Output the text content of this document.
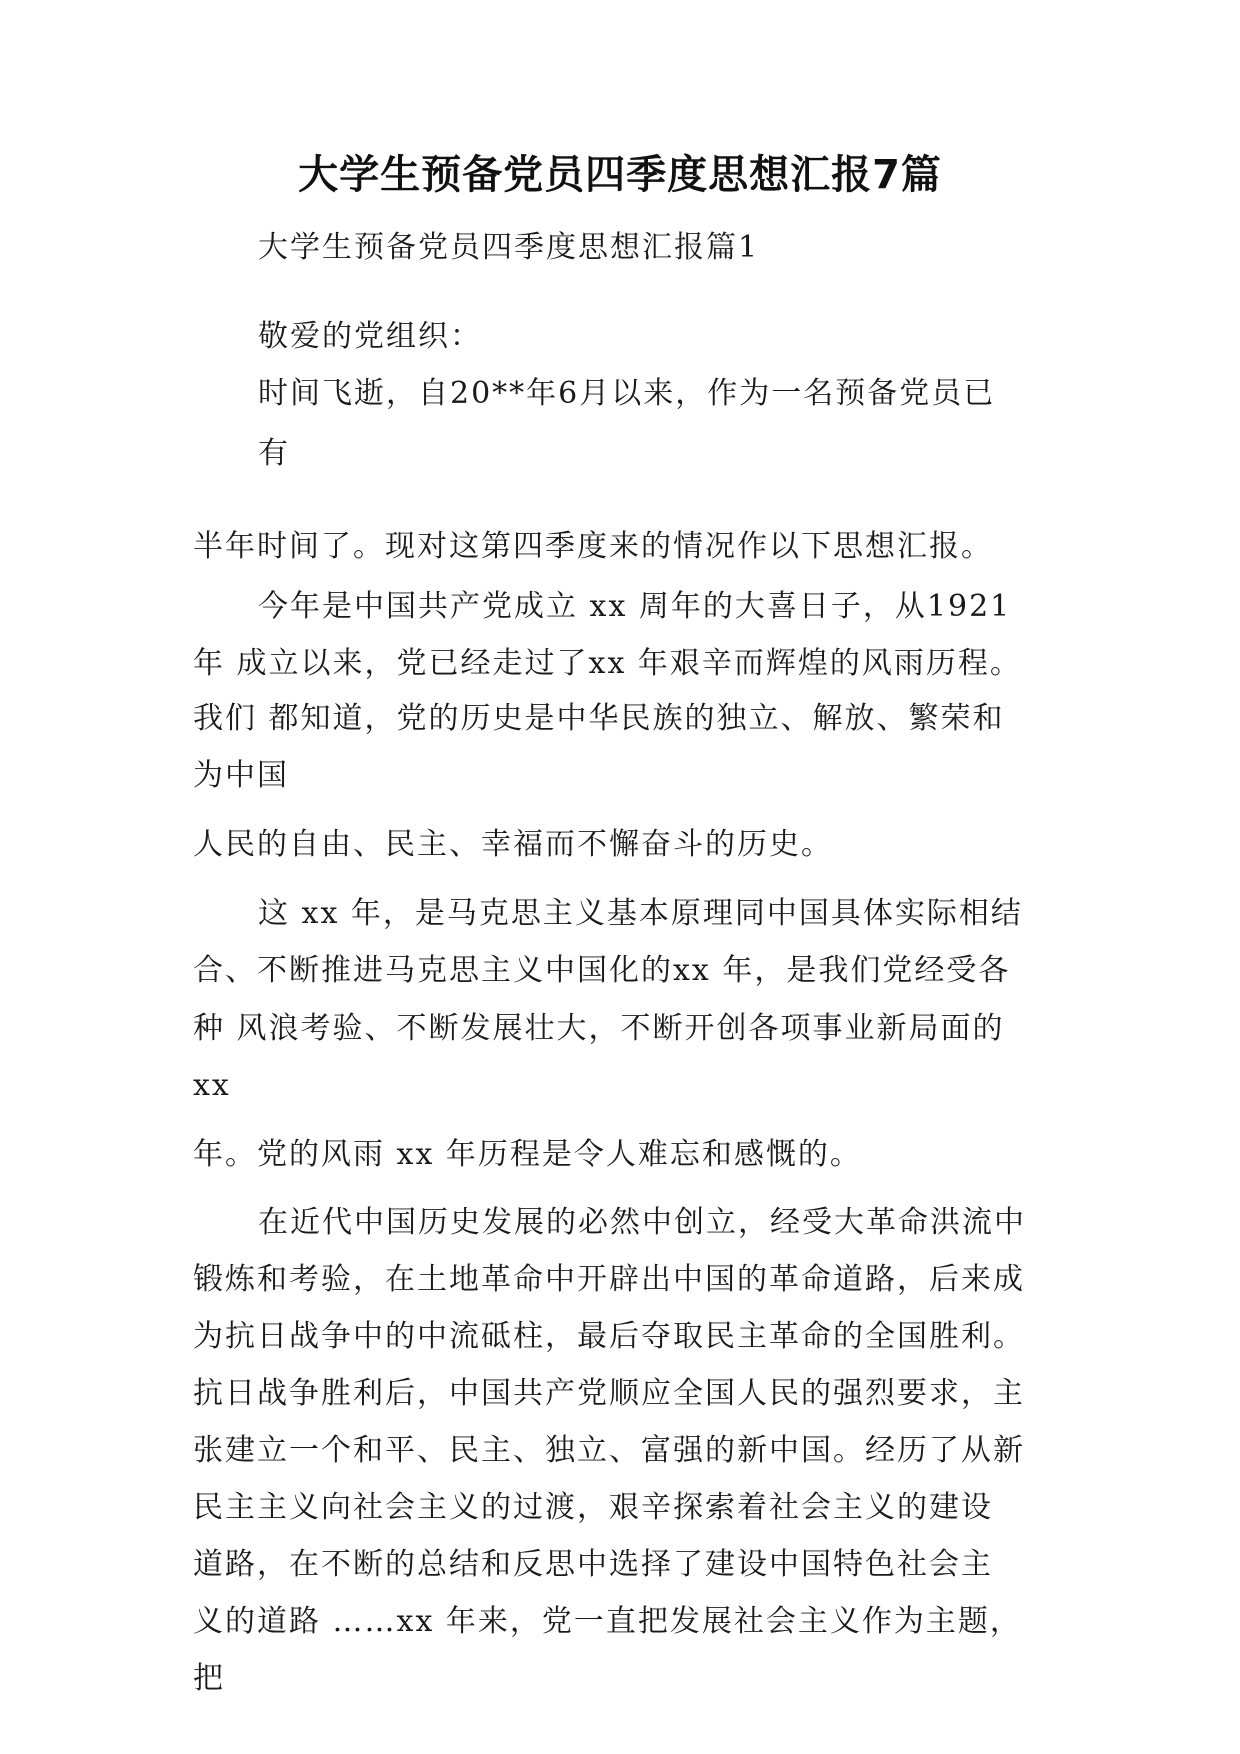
大学生预备党员四季度思想汇报7篇
大学生预备党员四季度思想汇报篇1
敬爱的党组织：
时间飞逝，自20**年6月以来，作为一名预备党员已
有
半年时间了。现对这第四季度来的情况作以下思想汇报。
今年是中国共产党成立 xx 周年的大喜日子，从1921
年 成立以来，党已经走过了xx 年艰辛而辉煌的风雨历程。
我们 都知道，党的历史是中华民族的独立、解放、繁荣和
为中国
人民的自由、民主、幸福而不懈奋斗的历史。
这 xx 年，是马克思主义基本原理同中国具体实际相结
合、不断推进马克思主义中国化的xx 年，是我们党经受各
种 风浪考验、不断发展壮大，不断开创各项事业新局面的
xx
年。党的风雨 xx 年历程是令人难忘和感慨的。
在近代中国历史发展的必然中创立，经受大革命洪流中
锻炼和考验，在土地革命中开辟出中国的革命道路，后来成
为抗日战争中的中流砥柱，最后夺取民主革命的全国胜利。
抗日战争胜利后，中国共产党顺应全国人民的强烈要求，主
张建立一个和平、民主、独立、富强的新中国。经历了从新
民主主义向社会主义的过渡，艰辛探索着社会主义的建设
道路，在不断的总结和反思中选择了建设中国特色社会主
义的道路 ……xx 年来，党一直把发展社会主义作为主题，
把
